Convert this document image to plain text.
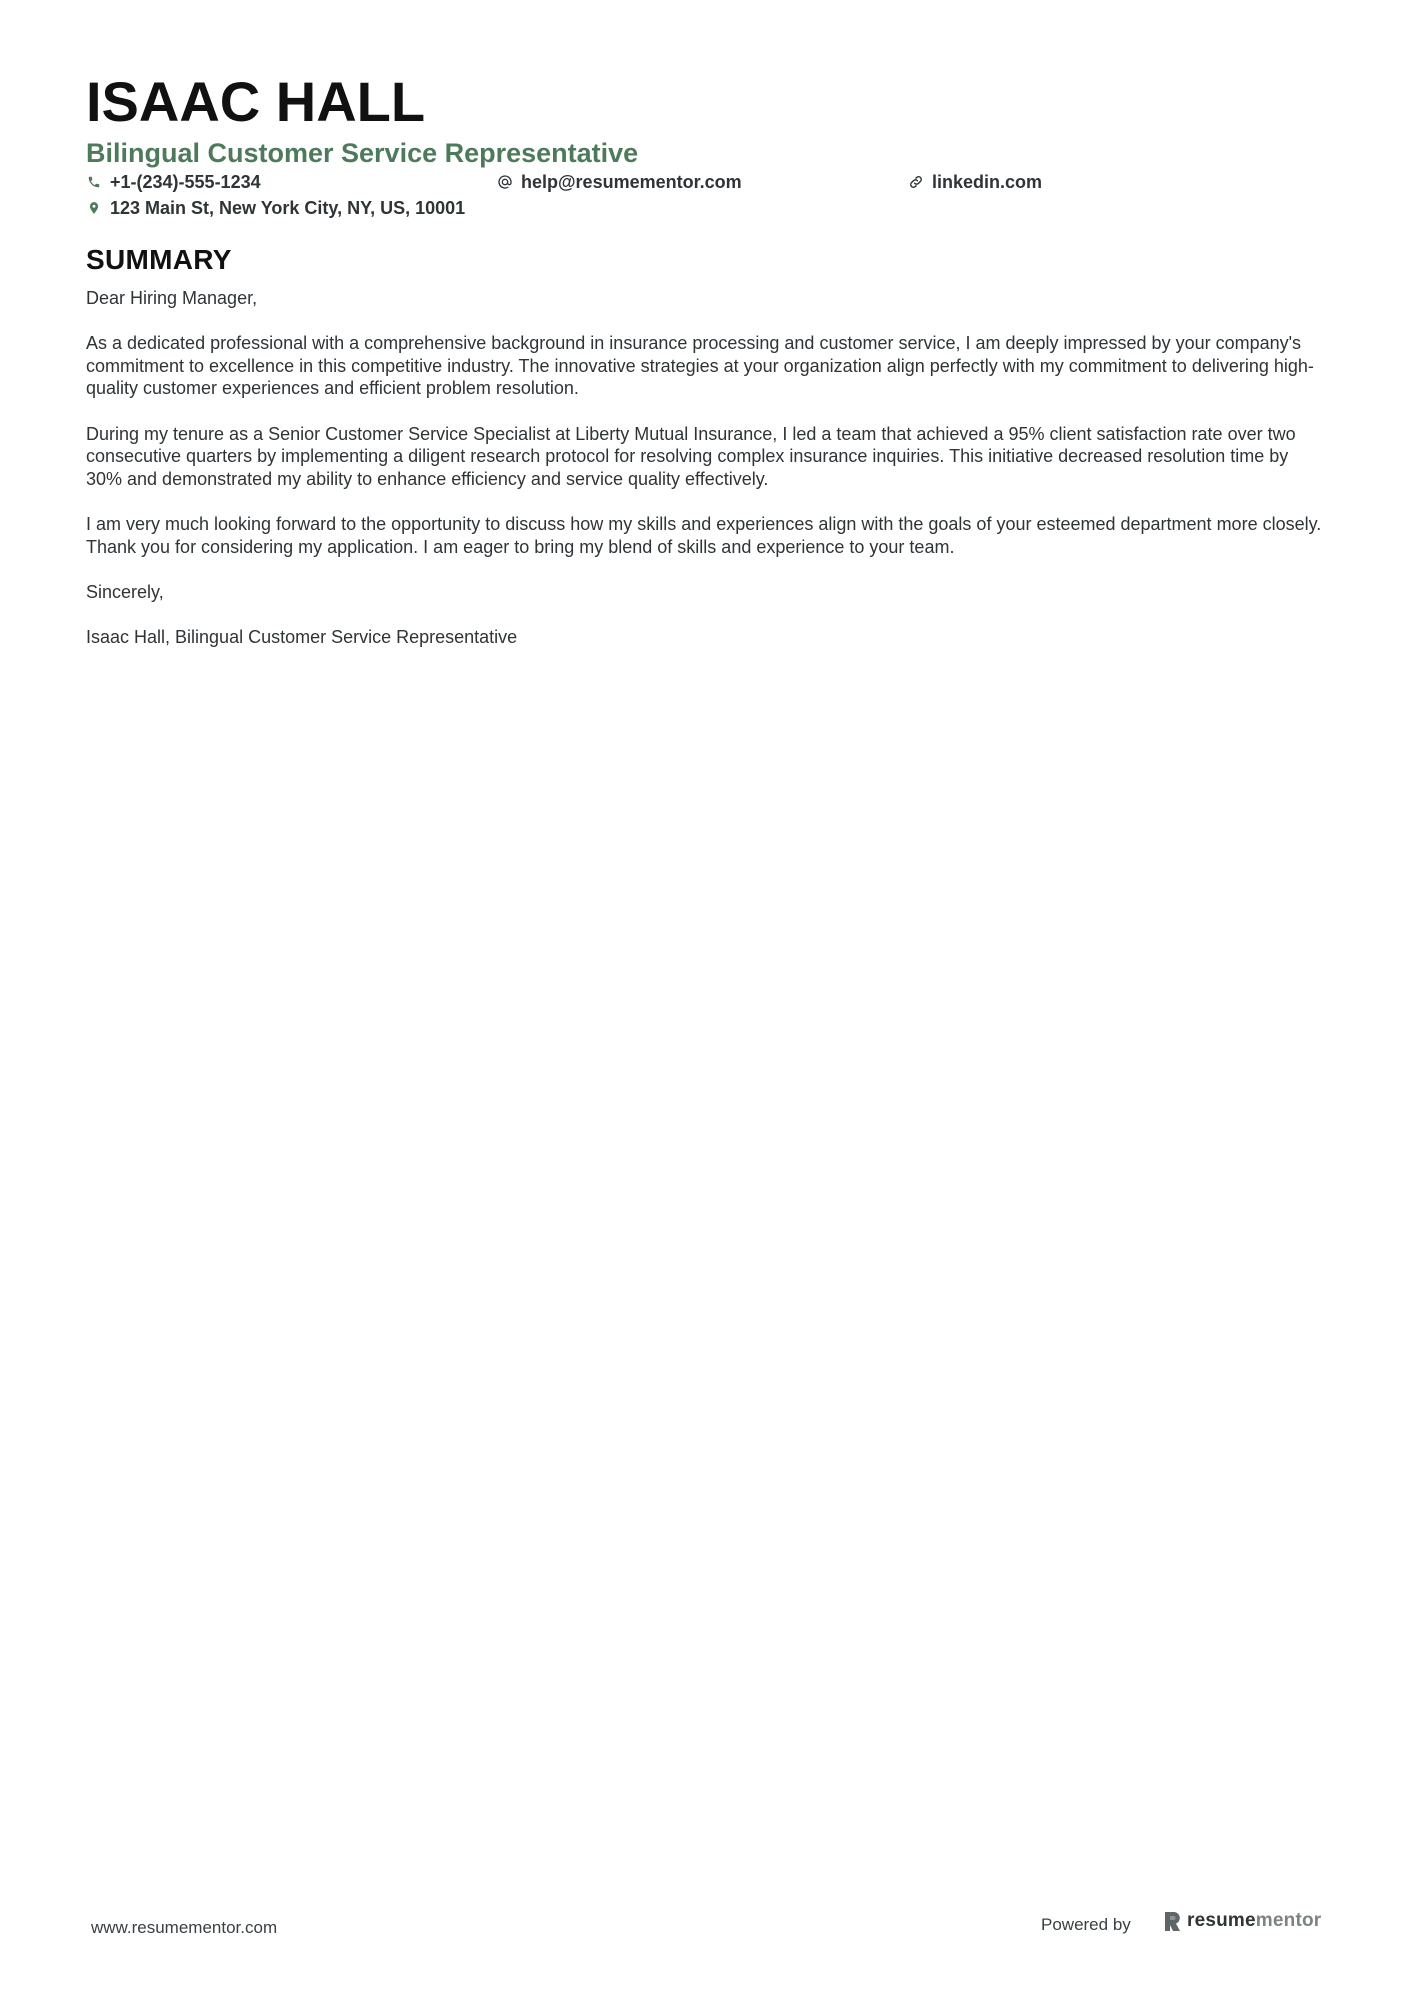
ISAAC HALL
Bilingual Customer Service Representative
+1-(234)-555-1234	help@resumementor.com	linkedin.com
123 Main St, New York City, NY, US, 10001
SUMMARY

Dear Hiring Manager,

As a dedicated professional with a comprehensive background in insurance processing and customer service, I am deeply impressed by your company's commitment to excellence in this competitive industry. The innovative strategies at your organization align perfectly with my commitment to delivering high-quality customer experiences and efficient problem resolution.

During my tenure as a Senior Customer Service Specialist at Liberty Mutual Insurance, I led a team that achieved a 95% client satisfaction rate over two consecutive quarters by implementing a diligent research protocol for resolving complex insurance inquiries. This initiative decreased resolution time by 30% and demonstrated my ability to enhance efficiency and service quality effectively.

I am very much looking forward to the opportunity to discuss how my skills and experiences align with the goals of your esteemed department more closely. Thank you for considering my application. I am eager to bring my blend of skills and experience to your team.

Sincerely,

Isaac Hall, Bilingual Customer Service Representative

www.resumementor.com	Powered by	resume mentor
